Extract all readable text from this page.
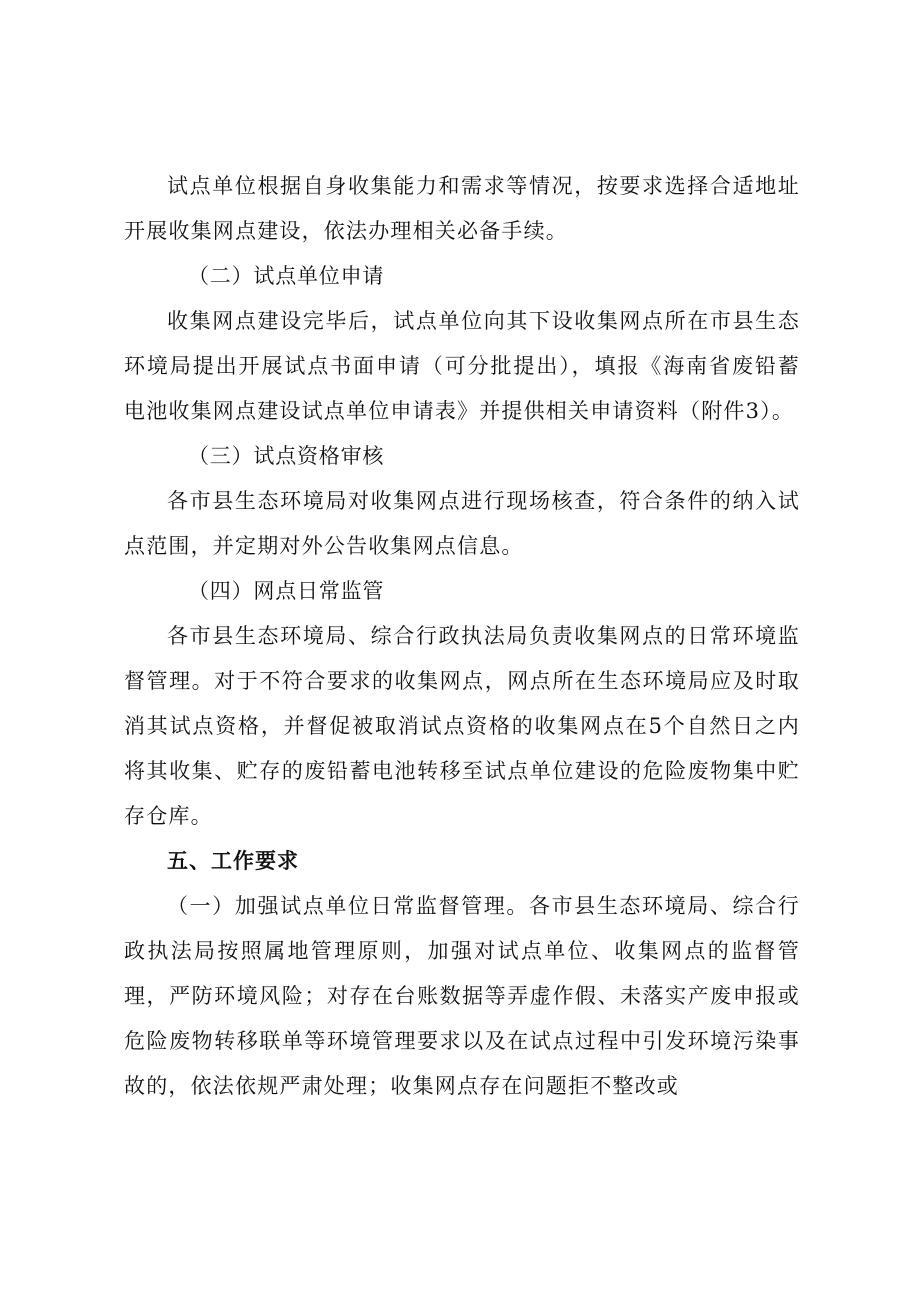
试点单位根据自身收集能力和需求等情况，按要求选择合适地址开展收集网点建设，依法办理相关必备手续。

（二）试点单位申请

收集网点建设完毕后，试点单位向其下设收集网点所在市县生态环境局提出开展试点书面申请（可分批提出），填报《海南省废铅蓄电池收集网点建设试点单位申请表》并提供相关申请资料（附件3）。

（三）试点资格审核

各市县生态环境局对收集网点进行现场核查，符合条件的纳入试点范围，并定期对外公告收集网点信息。

（四）网点日常监管

各市县生态环境局、综合行政执法局负责收集网点的日常环境监督管理。对于不符合要求的收集网点，网点所在生态环境局应及时取消其试点资格，并督促被取消试点资格的收集网点在5个自然日之内将其收集、贮存的废铅蓄电池转移至试点单位建设的危险废物集中贮存仓库。

五、工作要求

（一）加强试点单位日常监督管理。各市县生态环境局、综合行政执法局按照属地管理原则，加强对试点单位、收集网点的监督管理，严防环境风险；对存在台账数据等弄虚作假、未落实产废申报或危险废物转移联单等环境管理要求以及在试点过程中引发环境污染事故的，依法依规严肃处理；收集网点存在问题拒不整改或
